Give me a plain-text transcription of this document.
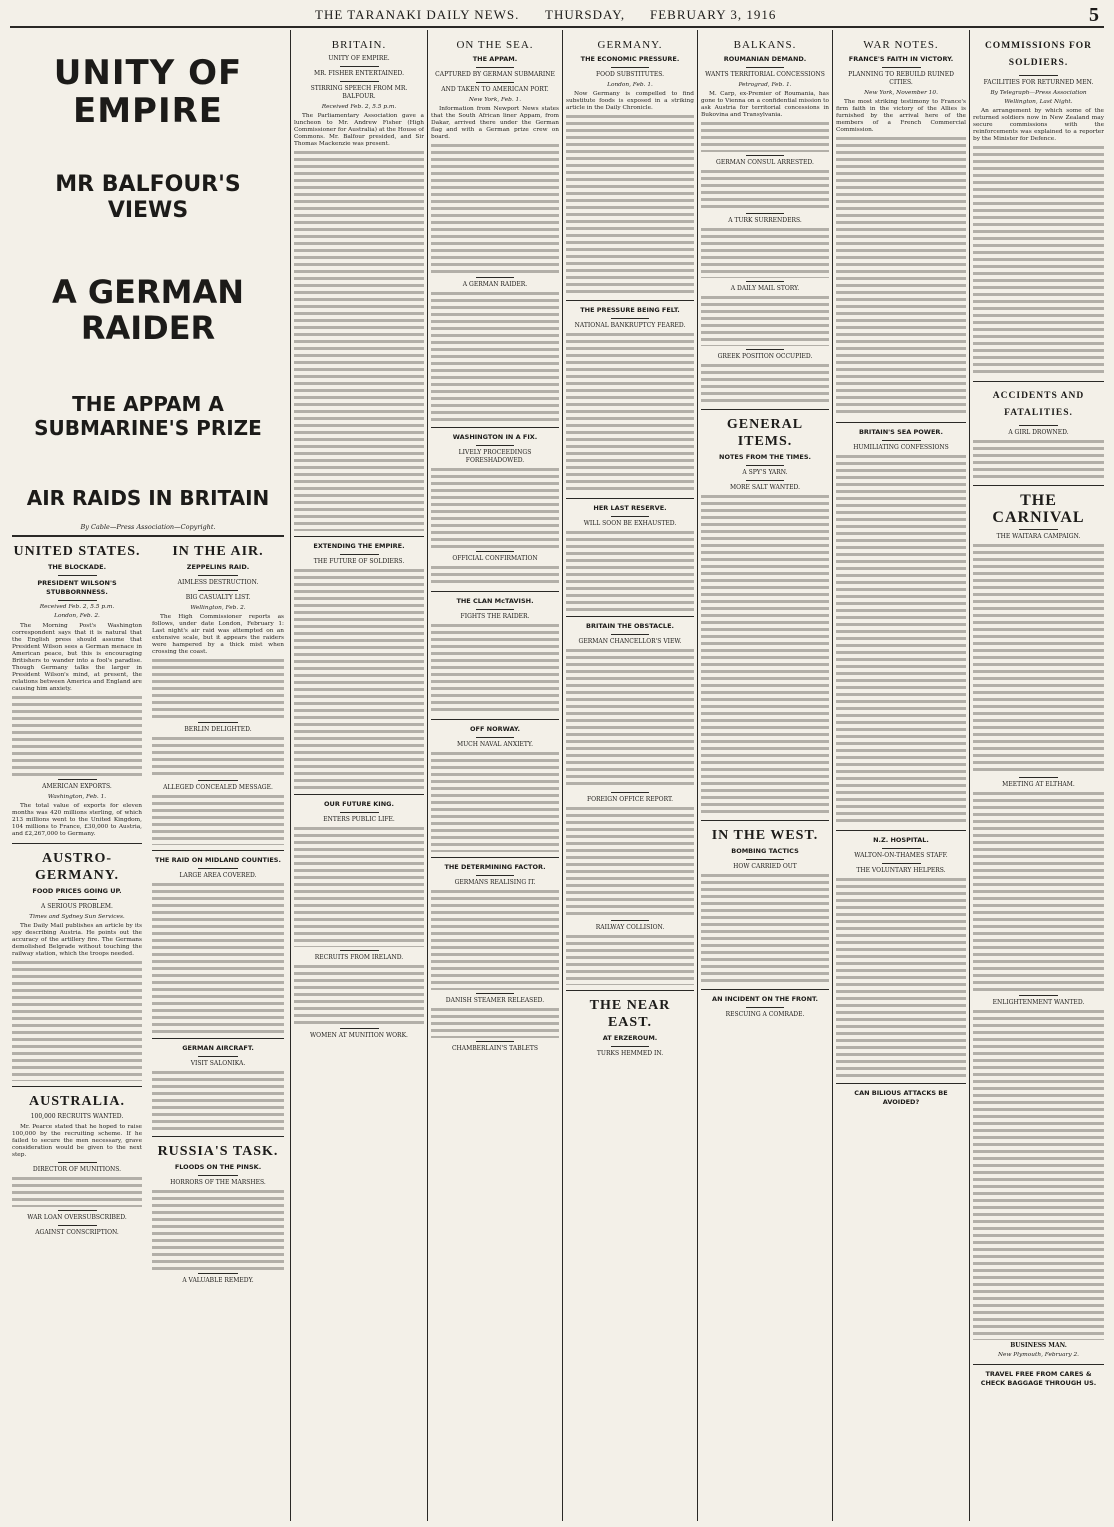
THE TARANAKI DAILY NEWS. THURSDAY, FEBRUARY 3, 1916	5
UNITY OF EMPIRE
MR BALFOUR'S VIEWS
A GERMAN RAIDER
THE APPAM A SUBMARINE'S PRIZE
AIR RAIDS IN BRITAIN
By Cable—Press Association—Copyright.
UNITED STATES.
THE BLOCKADE.
PRESIDENT WILSON'S STUBBORNNESS.
Received Feb. 2, 5.5 p.m.
London, Feb. 2.
The Morning Post's Washington correspondent says that it is natural that the English press should assume that President Wilson sees a German menace in American peace, but this is encouraging Britishers to wander into a fool's paradise. Though Germany talks the larger in President Wilson's mind, at present, the relations between America and England are causing him anxiety.
AMERICAN EXPORTS.
Washington, Feb. 1.
The total value of exports for eleven months was 420 millions sterling, of which 213 millions went to the United Kingdom, 104 millions to France, £30,000 to Austria, and £2,267,000 to Germany.
AUSTRO-GERMANY.
FOOD PRICES GOING UP.
A SERIOUS PROBLEM.
Times and Sydney Sun Services.
The Daily Mail publishes an article by its spy describing Austria. He points out the accuracy of the artillery fire. The Germans demolished Belgrade without touching the railway station, which the troops needed.
AUSTRALIA.
100,000 RECRUITS WANTED.
Mr. Pearce stated that he hoped to raise 100,000 by the recruiting scheme. If he failed to secure the men necessary, grave consideration would be given to the next step.
DIRECTOR OF MUNITIONS.
WAR LOAN OVERSUBSCRIBED.
AGAINST CONSCRIPTION.
IN THE AIR.
ZEPPELINS RAID.
AIMLESS DESTRUCTION.
BIG CASUALTY LIST.
Wellington, Feb. 2.
The High Commissioner reports as follows, under date London, February 1: Last night's air raid was attempted on an extensive scale, but it appears the raiders were hampered by a thick mist when crossing the coast.
BERLIN DELIGHTED.
ALLEGED CONCEALED MESSAGE.
THE RAID ON MIDLAND COUNTIES.
LARGE AREA COVERED.
GERMAN AIRCRAFT.
VISIT SALONIKA.
RUSSIA'S TASK.
FLOODS ON THE PINSK.
HORRORS OF THE MARSHES.
A VALUABLE REMEDY.
BRITAIN.
UNITY OF EMPIRE.
MR. FISHER ENTERTAINED.
STIRRING SPEECH FROM MR. BALFOUR.
Received Feb. 2, 5.5 p.m.
The Parliamentary Association gave a luncheon to Mr. Andrew Fisher (High Commissioner for Australia) at the House of Commons. Mr. Balfour presided, and Sir Thomas Mackenzie was present.
EXTENDING THE EMPIRE.
THE FUTURE OF SOLDIERS.
OUR FUTURE KING.
ENTERS PUBLIC LIFE.
RECRUITS FROM IRELAND.
WOMEN AT MUNITION WORK.
ON THE SEA.
THE APPAM.
CAPTURED BY GERMAN SUBMARINE
AND TAKEN TO AMERICAN PORT.
New York, Feb. 1.
Information from Newport News states that the South African liner Appam, from Dakar, arrived there under the German flag and with a German prize crew on board.
A GERMAN RAIDER.
WASHINGTON IN A FIX.
LIVELY PROCEEDINGS FORESHADOWED.
OFFICIAL CONFIRMATION
THE CLAN McTAVISH.
FIGHTS THE RAIDER.
OFF NORWAY.
MUCH NAVAL ANXIETY.
THE DETERMINING FACTOR.
GERMANS REALISING IT.
DANISH STEAMER RELEASED.
CHAMBERLAIN'S TABLETS
GERMANY.
THE ECONOMIC PRESSURE.
FOOD SUBSTITUTES.
London, Feb. 1.
Now Germany is compelled to find substitute foods is exposed in a striking article in the Daily Chronicle.
THE PRESSURE BEING FELT.
NATIONAL BANKRUPTCY FEARED.
HER LAST RESERVE.
WILL SOON BE EXHAUSTED.
BRITAIN THE OBSTACLE.
GERMAN CHANCELLOR'S VIEW.
FOREIGN OFFICE REPORT.
RAILWAY COLLISION.
THE NEAR EAST.
AT ERZEROUM.
TURKS HEMMED IN.
BALKANS.
ROUMANIAN DEMAND.
WANTS TERRITORIAL CONCESSIONS
Petrograd, Feb. 1.
M. Carp, ex-Premier of Roumania, has gone to Vienna on a confidential mission to ask Austria for territorial concessions in Bukovina and Transylvania.
GERMAN CONSUL ARRESTED.
A TURK SURRENDERS.
A DAILY MAIL STORY.
GREEK POSITION OCCUPIED.
GENERAL ITEMS.
NOTES FROM THE TIMES.
A SPY'S YARN.
MORE SALT WANTED.
IN THE WEST.
BOMBING TACTICS
HOW CARRIED OUT
AN INCIDENT ON THE FRONT.
RESCUING A COMRADE.
WAR NOTES.
FRANCE'S FAITH IN VICTORY.
PLANNING TO REBUILD RUINED CITIES.
New York, November 10.
The most striking testimony to France's firm faith in the victory of the Allies is furnished by the arrival here of the members of a French Commercial Commission.
BRITAIN'S SEA POWER.
HUMILIATING CONFESSIONS
N.Z. HOSPITAL.
WALTON-ON-THAMES STAFF.
THE VOLUNTARY HELPERS.
CAN BILIOUS ATTACKS BE AVOIDED?
COMMISSIONS FOR SOLDIERS.
FACILITIES FOR RETURNED MEN.
By Telegraph—Press Association
Wellington, Last Night.
An arrangement by which some of the returned soldiers now in New Zealand may secure commissions with the reinforcements was explained to a reporter by the Minister for Defence.
ACCIDENTS AND FATALITIES.
A GIRL DROWNED.
THE CARNIVAL
THE WAITARA CAMPAIGN.
MEETING AT ELTHAM.
ENLIGHTENMENT WANTED.
BUSINESS MAN.
New Plymouth, February 2.
TRAVEL FREE FROM CARES & CHECK BAGGAGE THROUGH US.
